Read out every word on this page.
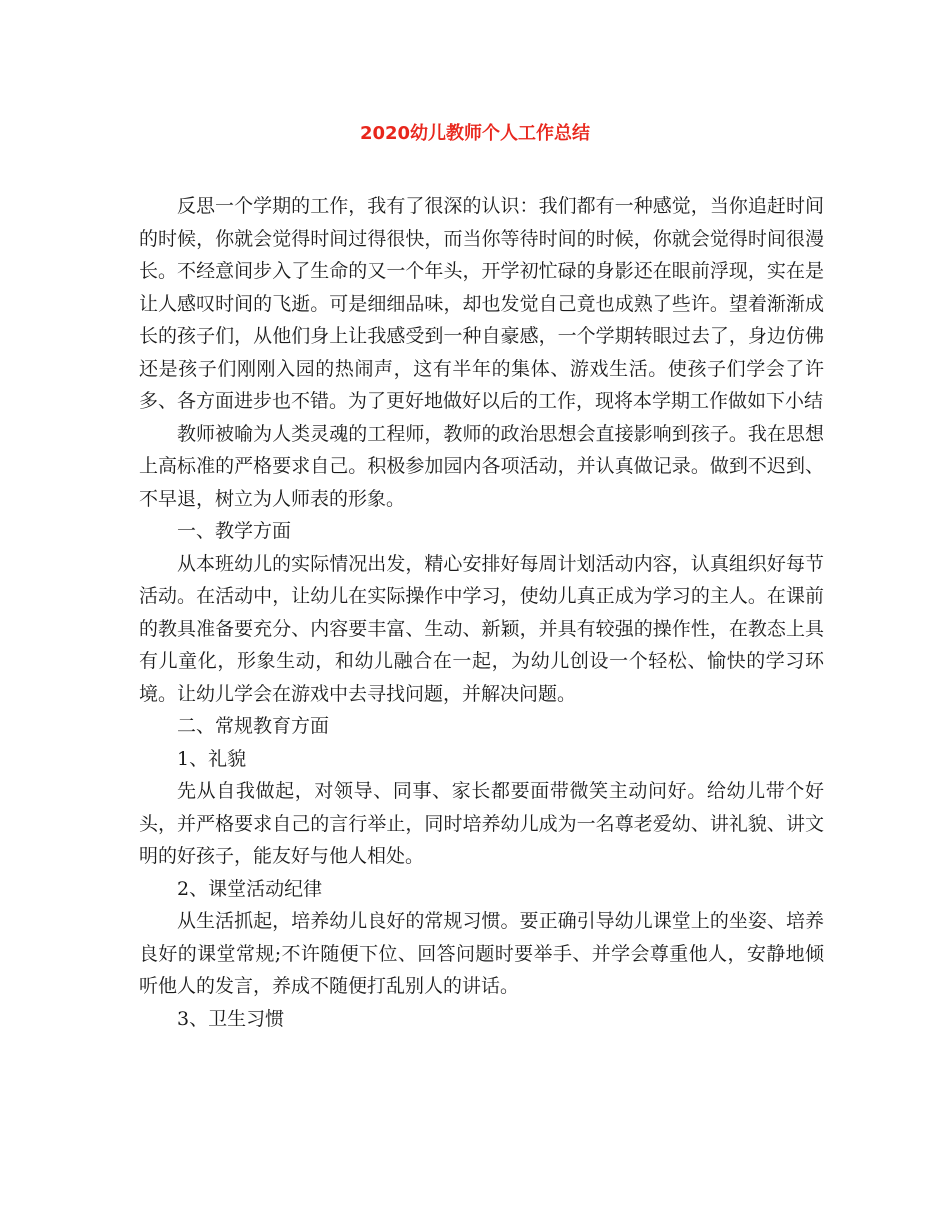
2020幼儿教师个人工作总结

反思一个学期的工作，我有了很深的认识：我们都有一种感觉，当你追赶时间的时候，你就会觉得时间过得很快，而当你等待时间的时候，你就会觉得时间很漫长。不经意间步入了生命的又一个年头，开学初忙碌的身影还在眼前浮现，实在是让人感叹时间的飞逝。可是细细品味，却也发觉自己竟也成熟了些许。望着渐渐成长的孩子们，从他们身上让我感受到一种自豪感，一个学期转眼过去了，身边仿佛还是孩子们刚刚入园的热闹声，这有半年的集体、游戏生活。使孩子们学会了许多、各方面进步也不错。为了更好地做好以后的工作，现将本学期工作做如下小结

教师被喻为人类灵魂的工程师，教师的政治思想会直接影响到孩子。我在思想上高标准的严格要求自己。积极参加园内各项活动，并认真做记录。做到不迟到、不早退，树立为人师表的形象。

一、教学方面

从本班幼儿的实际情况出发，精心安排好每周计划活动内容，认真组织好每节活动。在活动中，让幼儿在实际操作中学习，使幼儿真正成为学习的主人。在课前的教具准备要充分、内容要丰富、生动、新颖，并具有较强的操作性，在教态上具有儿童化，形象生动，和幼儿融合在一起，为幼儿创设一个轻松、愉快的学习环境。让幼儿学会在游戏中去寻找问题，并解决问题。

二、常规教育方面

1、礼貌

先从自我做起，对领导、同事、家长都要面带微笑主动问好。给幼儿带个好头，并严格要求自己的言行举止，同时培养幼儿成为一名尊老爱幼、讲礼貌、讲文明的好孩子，能友好与他人相处。

2、课堂活动纪律

从生活抓起，培养幼儿良好的常规习惯。要正确引导幼儿课堂上的坐姿、培养良好的课堂常规;不许随便下位、回答问题时要举手、并学会尊重他人，安静地倾听他人的发言，养成不随便打乱别人的讲话。

3、卫生习惯
